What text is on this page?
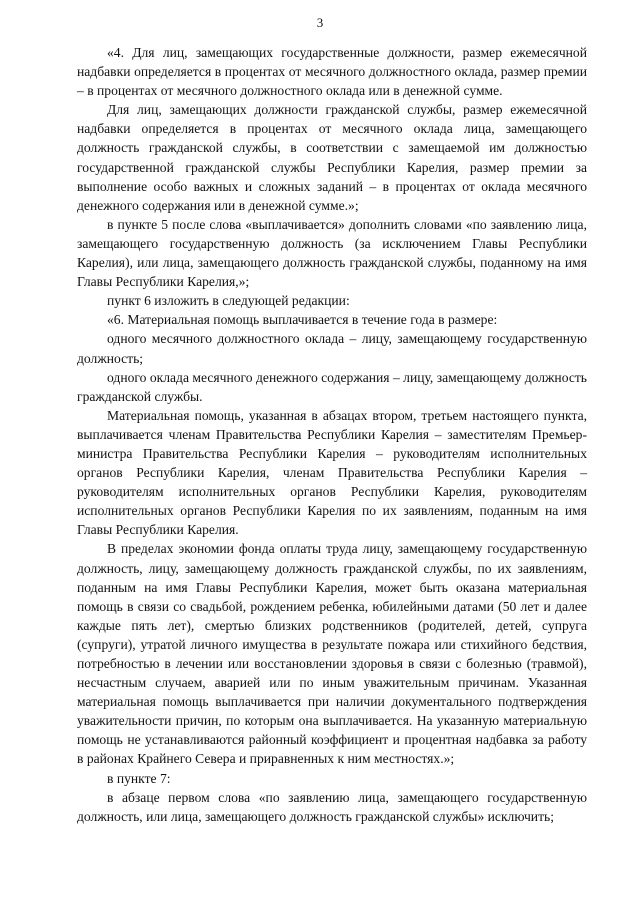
3

«4. Для лиц, замещающих государственные должности, размер ежемесячной надбавки определяется в процентах от месячного должностного оклада, размер премии – в процентах от месячного должностного оклада или в денежной сумме.

Для лиц, замещающих должности гражданской службы, размер ежемесячной надбавки определяется в процентах от месячного оклада лица, замещающего должность гражданской службы, в соответствии с замещаемой им должностью государственной гражданской службы Республики Карелия, размер премии за выполнение особо важных и сложных заданий – в процентах от оклада месячного денежного содержания или в денежной сумме.»;

в пункте 5 после слова «выплачивается» дополнить словами «по заявлению лица, замещающего государственную должность (за исключением Главы Республики Карелия), или лица, замещающего должность гражданской службы, поданному на имя Главы Республики Карелия,»;

пункт 6 изложить в следующей редакции:

«6. Материальная помощь выплачивается в течение года в размере:

одного месячного должностного оклада – лицу, замещающему государственную должность;

одного оклада месячного денежного содержания – лицу, замещающему должность гражданской службы.

Материальная помощь, указанная в абзацах втором, третьем настоящего пункта, выплачивается членам Правительства Республики Карелия – заместителям Премьер-министра Правительства Республики Карелия – руководителям исполнительных органов Республики Карелия, членам Правительства Республики Карелия – руководителям исполнительных органов Республики Карелия, руководителям исполнительных органов Республики Карелия по их заявлениям, поданным на имя Главы Республики Карелия.

В пределах экономии фонда оплаты труда лицу, замещающему государственную должность, лицу, замещающему должность гражданской службы, по их заявлениям, поданным на имя Главы Республики Карелия, может быть оказана материальная помощь в связи со свадьбой, рождением ребенка, юбилейными датами (50 лет и далее каждые пять лет), смертью близких родственников (родителей, детей, супруга (супруги), утратой личного имущества в результате пожара или стихийного бедствия, потребностью в лечении или восстановлении здоровья в связи с болезнью (травмой), несчастным случаем, аварией или по иным уважительным причинам. Указанная материальная помощь выплачивается при наличии документального подтверждения уважительности причин, по которым она выплачивается. На указанную материальную помощь не устанавливаются районный коэффициент и процентная надбавка за работу в районах Крайнего Севера и приравненных к ним местностях.»;

в пункте 7:

в абзаце первом слова «по заявлению лица, замещающего государственную должность, или лица, замещающего должность гражданской службы» исключить;
